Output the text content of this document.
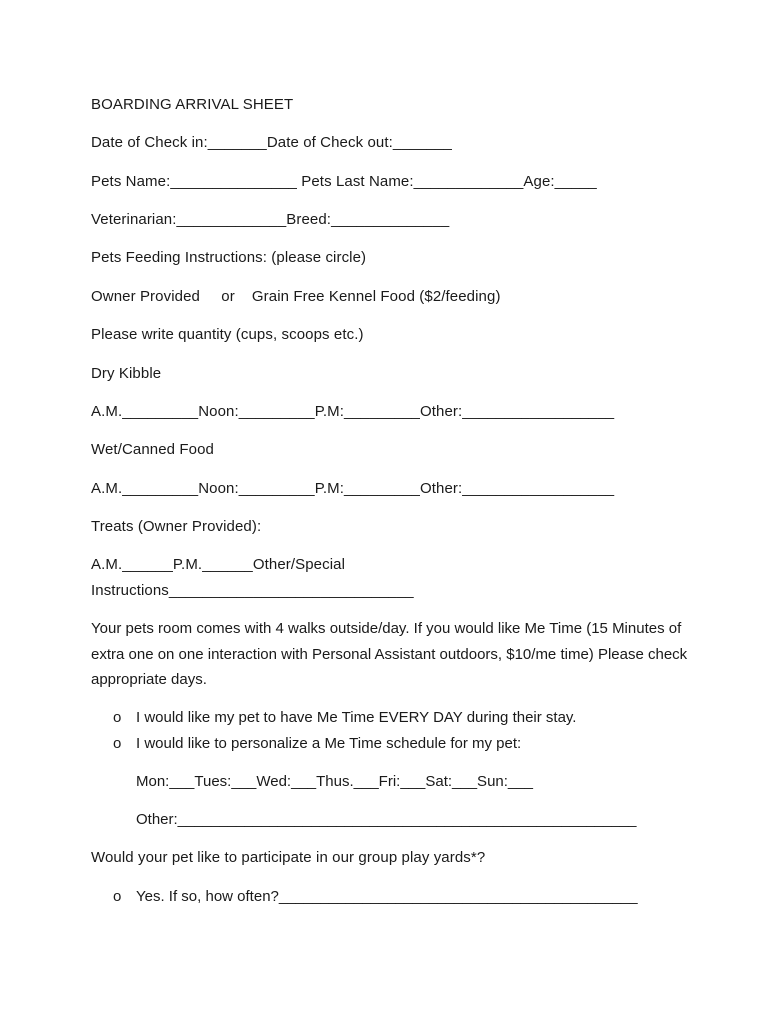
BOARDING ARRIVAL SHEET
Date of Check in:_______Date of Check out:_______
Pets Name:_______________ Pets Last Name:_____________Age:_____
Veterinarian:_____________Breed:______________
Pets Feeding Instructions: (please circle)
Owner Provided     or    Grain Free Kennel Food ($2/feeding)
Please write quantity (cups, scoops etc.)
Dry Kibble
A.M._________Noon:_________P.M:_________Other:__________________
Wet/Canned Food
A.M._________Noon:_________P.M:_________Other:__________________
Treats (Owner Provided):
A.M.______P.M.______Other/Special
Instructions_____________________________
Your pets room comes with 4 walks outside/day. If you would like Me Time (15 Minutes of extra one on one interaction with Personal Assistant outdoors, $10/me time) Please check appropriate days.
o I would like my pet to have Me Time EVERY DAY during their stay.
o I would like to personalize a Me Time schedule for my pet:
Mon:___Tues:___Wed:___Thus.___Fri:___Sat:___Sun:___
Other:_______________________________________________________
Would your pet like to participate in our group play yards*?
o Yes. If so, how often?___________________________________________
